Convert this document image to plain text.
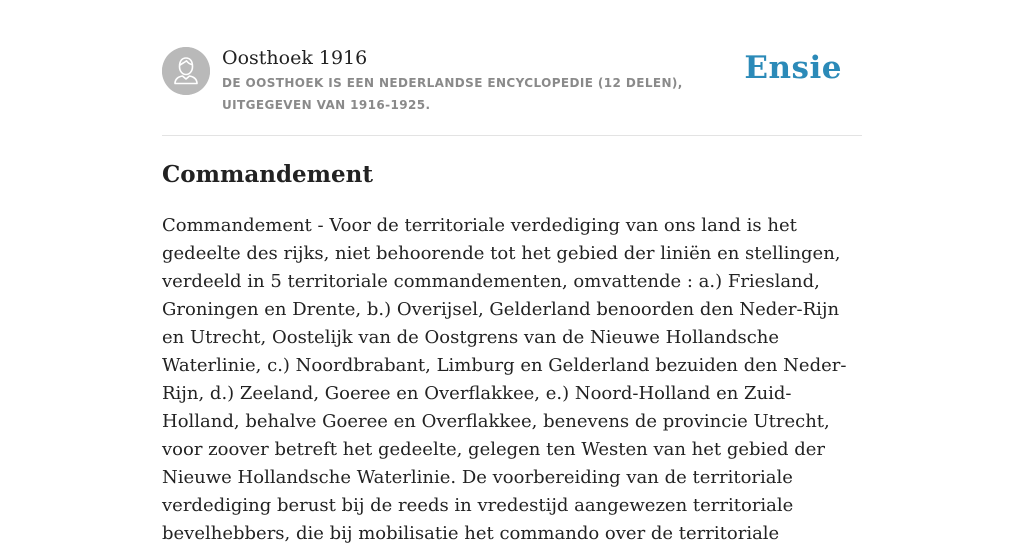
Oosthoek 1916
DE OOSTHOEK IS EEN NEDERLANDSE ENCYCLOPEDIE (12 DELEN), UITGEGEVEN VAN 1916-1925.
Ensie
Commandement

Commandement - Voor de territoriale verdediging van ons land is het gedeelte des rijks, niet behoorende tot het gebied der liniën en stellingen, verdeeld in 5 territoriale commandementen, omvattende : a.) Friesland, Groningen en Drente, b.) Overijsel, Gelderland benoorden den Neder-Rijn en Utrecht, Oostelijk van de Oostgrens van de Nieuwe Hollandsche Waterlinie, c.) Noordbrabant, Limburg en Gelderland bezuiden den Neder-Rijn, d.) Zeeland, Goeree en Overflakkee, e.) Noord-Holland en Zuid-Holland, behalve Goeree en Overflakkee, benevens de provincie Utrecht, voor zoover betreft het gedeelte, gelegen ten Westen van het gebied der Nieuwe Hollandsche Waterlinie. De voorbereiding van de territoriale verdediging berust bij de reeds in vredestijd aangewezen territoriale bevelhebbers, die bij mobilisatie het commando over de territoriale
